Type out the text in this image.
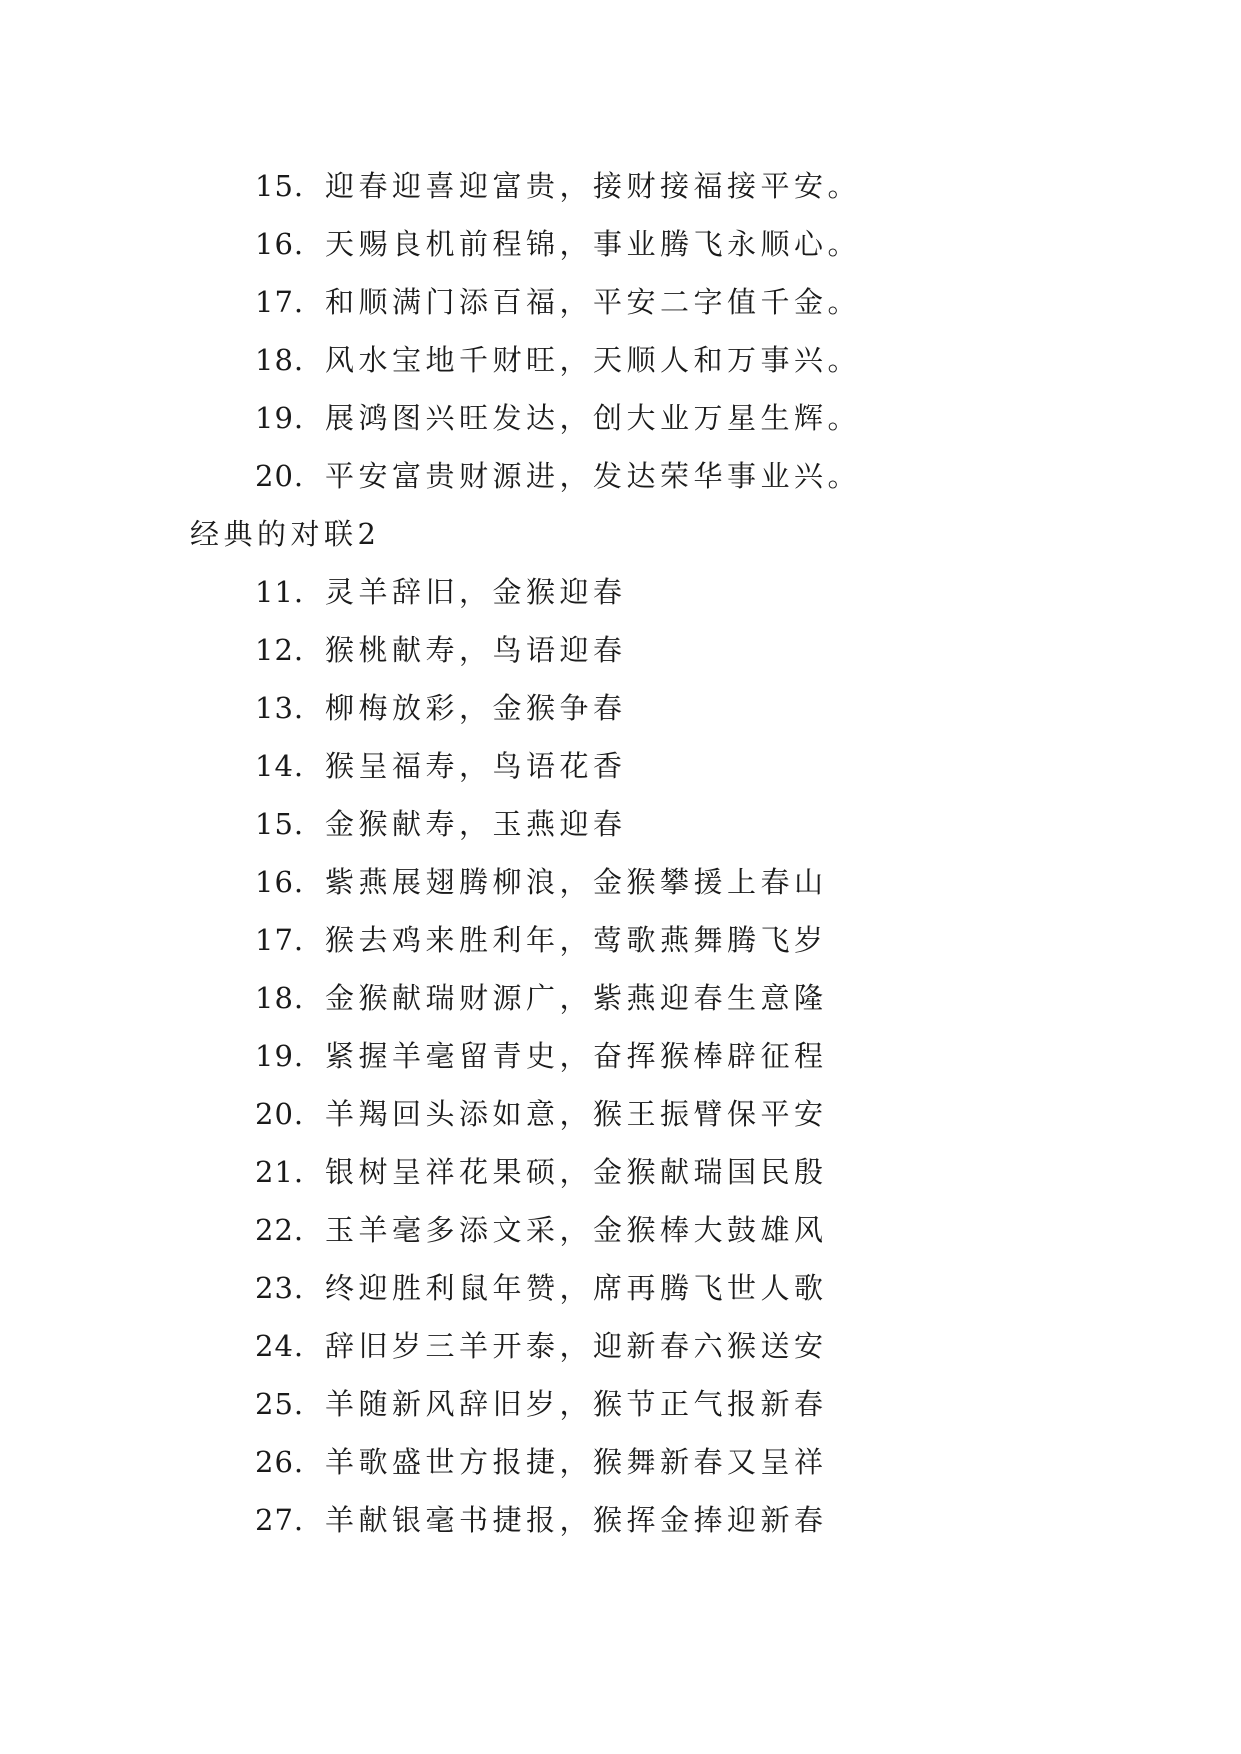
15. 迎春迎喜迎富贵，接财接福接平安。
16. 天赐良机前程锦，事业腾飞永顺心。
17. 和顺满门添百福，平安二字值千金。
18. 风水宝地千财旺，天顺人和万事兴。
19. 展鸿图兴旺发达，创大业万星生辉。
20. 平安富贵财源进，发达荣华事业兴。
经典的对联2
11. 灵羊辞旧，金猴迎春
12. 猴桃献寿，鸟语迎春
13. 柳梅放彩，金猴争春
14. 猴呈福寿，鸟语花香
15. 金猴献寿，玉燕迎春
16. 紫燕展翅腾柳浪，金猴攀援上春山
17. 猴去鸡来胜利年，莺歌燕舞腾飞岁
18. 金猴献瑞财源广，紫燕迎春生意隆
19. 紧握羊毫留青史，奋挥猴棒辟征程
20. 羊羯回头添如意，猴王振臂保平安
21. 银树呈祥花果硕，金猴献瑞国民殷
22. 玉羊毫多添文采，金猴棒大鼓雄风
23. 终迎胜利鼠年赞，席再腾飞世人歌
24. 辞旧岁三羊开泰，迎新春六猴送安
25. 羊随新风辞旧岁，猴节正气报新春
26. 羊歌盛世方报捷，猴舞新春又呈祥
27. 羊献银毫书捷报，猴挥金捧迎新春
